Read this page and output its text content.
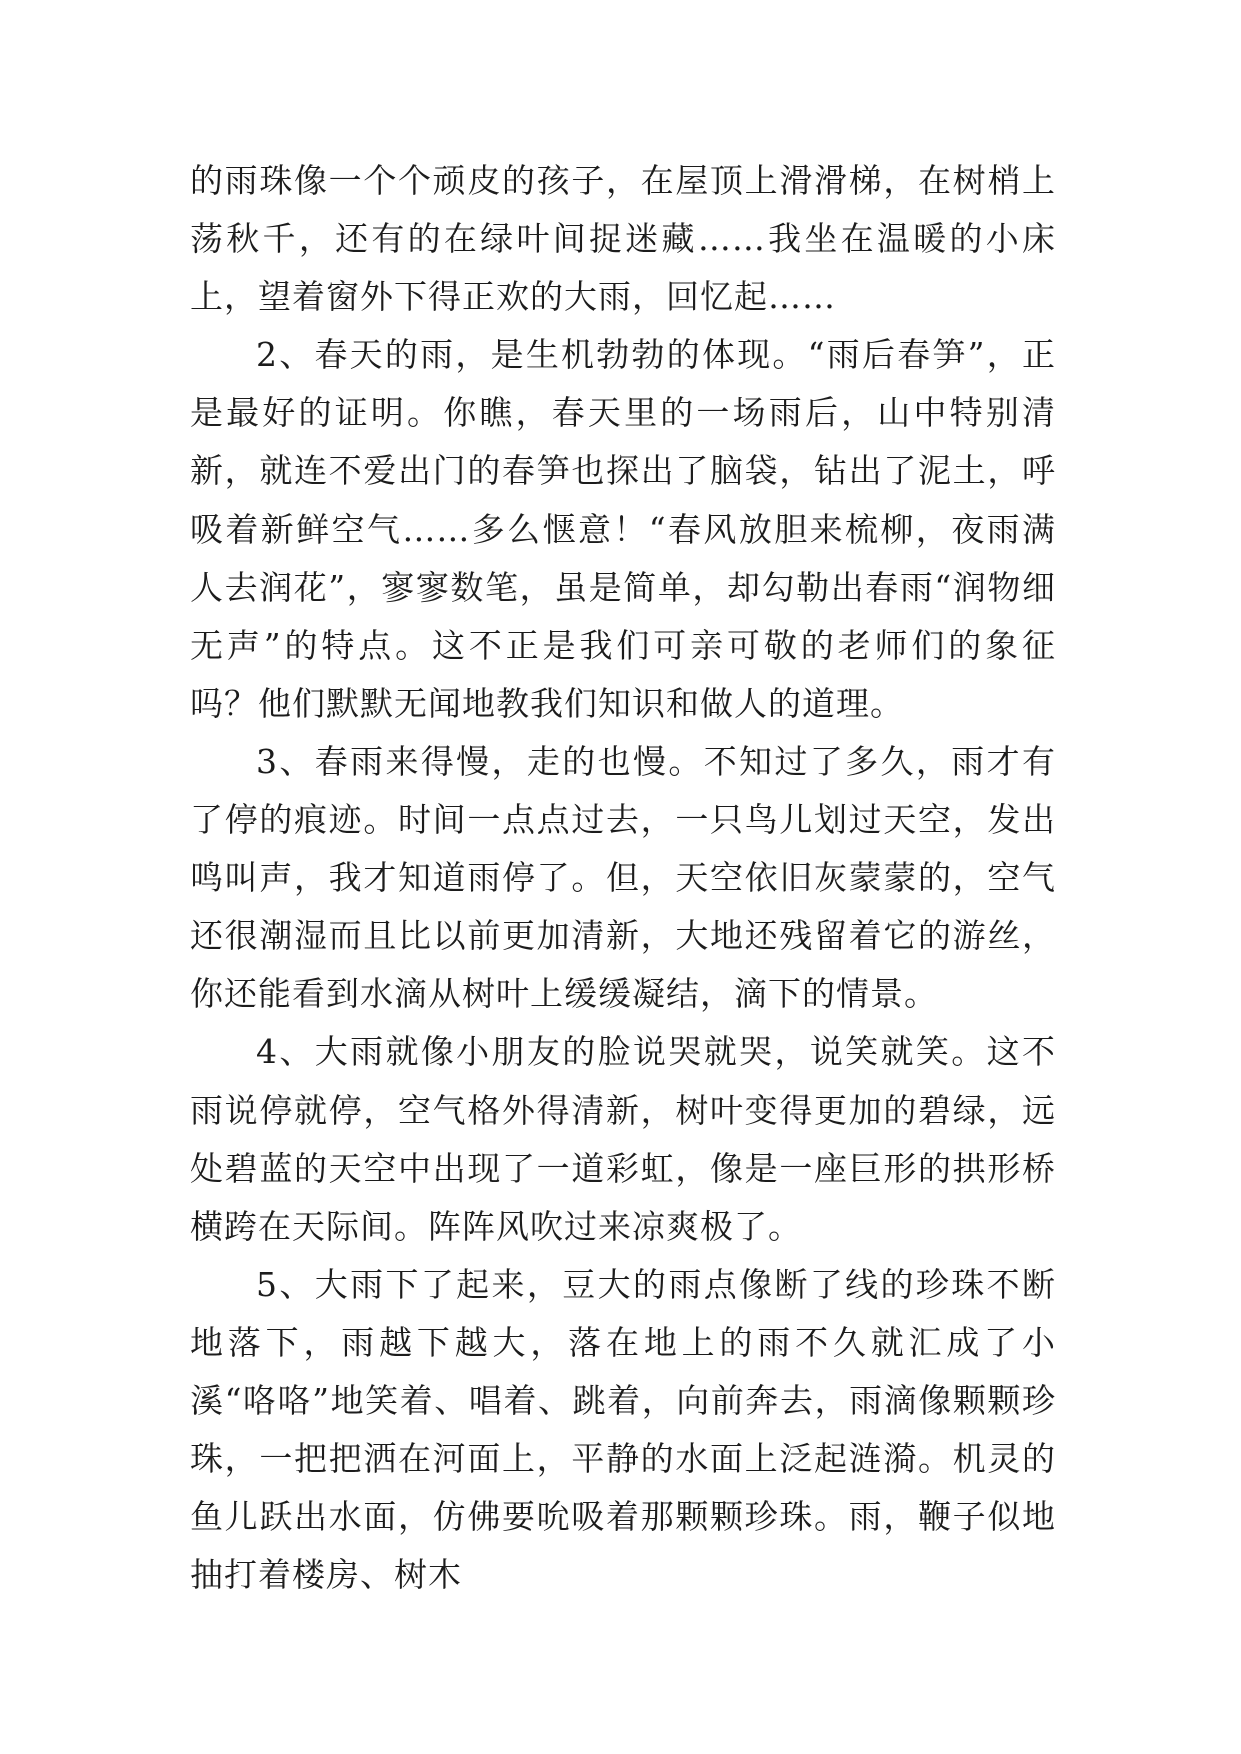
的雨珠像一个个顽皮的孩子，在屋顶上滑滑梯，在树梢上荡秋千，还有的在绿叶间捉迷藏……我坐在温暖的小床上，望着窗外下得正欢的大雨，回忆起……

2、春天的雨，是生机勃勃的体现。“雨后春笋”，正是最好的证明。你瞧，春天里的一场雨后，山中特别清新，就连不爱出门的春笋也探出了脑袋，钻出了泥土，呼吸着新鲜空气……多么惬意！“春风放胆来梳柳，夜雨满人去润花”，寥寥数笔，虽是简单，却勾勒出春雨“润物细无声”的特点。这不正是我们可亲可敬的老师们的象征吗？他们默默无闻地教我们知识和做人的道理。

3、春雨来得慢，走的也慢。不知过了多久，雨才有了停的痕迹。时间一点点过去，一只鸟儿划过天空，发出鸣叫声，我才知道雨停了。但，天空依旧灰蒙蒙的，空气还很潮湿而且比以前更加清新，大地还残留着它的游丝，你还能看到水滴从树叶上缓缓凝结，滴下的情景。

4、大雨就像小朋友的脸说哭就哭，说笑就笑。这不雨说停就停，空气格外得清新，树叶变得更加的碧绿，远处碧蓝的天空中出现了一道彩虹，像是一座巨形的拱形桥横跨在天际间。阵阵风吹过来凉爽极了。

5、大雨下了起来，豆大的雨点像断了线的珍珠不断地落下，雨越下越大，落在地上的雨不久就汇成了小溪“咯咯”地笑着、唱着、跳着，向前奔去，雨滴像颗颗珍珠，一把把洒在河面上，平静的水面上泛起涟漪。机灵的鱼儿跃出水面，仿佛要吮吸着那颗颗珍珠。雨，鞭子似地抽打着楼房、树木
